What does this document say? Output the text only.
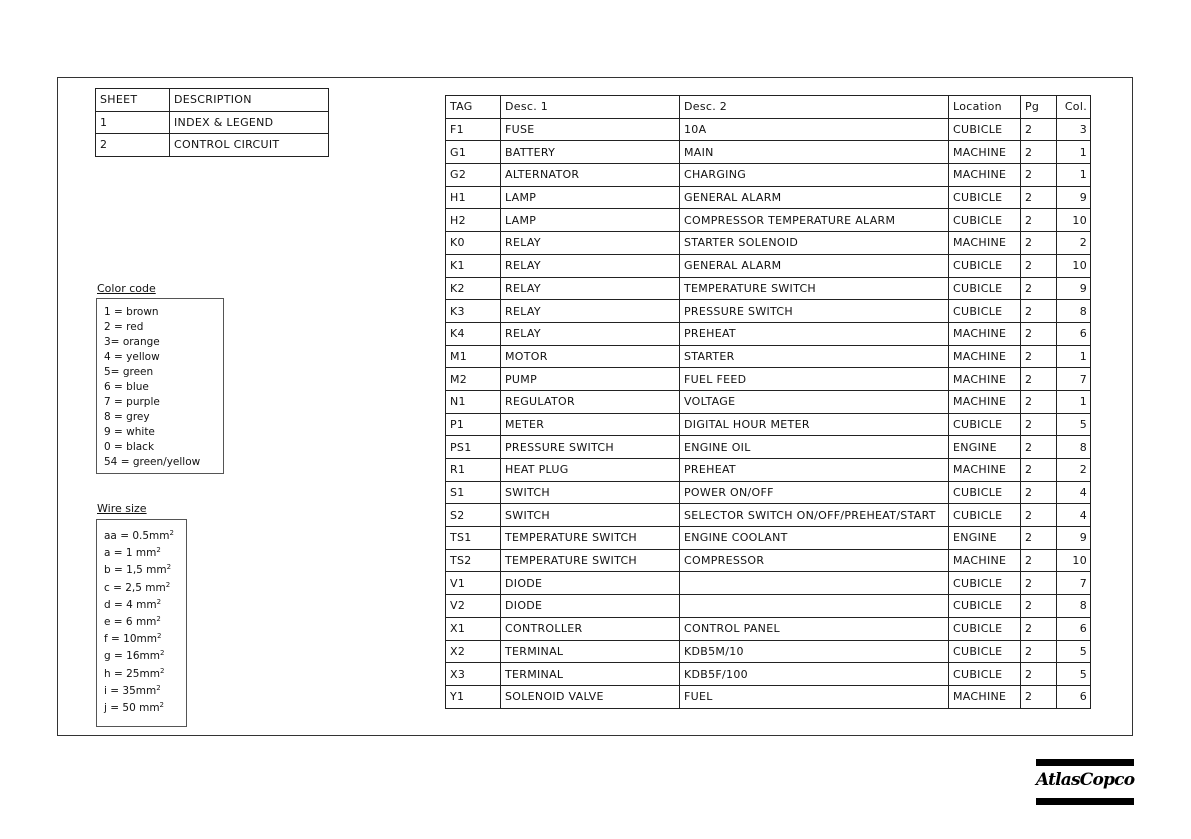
SHEET	DESCRIPTION
1	INDEX & LEGEND
2	CONTROL CIRCUIT
Color code
1 = brown
2 = red
3= orange
4 = yellow
5= green
6 = blue
7 = purple
8 = grey
9 = white
0 = black
54 = green/yellow
Wire size
aa = $0.5mm^2$
a = 1 $mm^2$
b = 1,5 $mm^2$
c = 2,5 $mm^2$
d = 4 $mm^2$
e = 6 $mm^2$
$f = 10mm^2$
$g = 16mm^2$
$h = 25mm^2$
$i = 35mm^2$
j = 50 $mm^2$
TAG	Desc. 1	Desc. 2	Location	Pg	Col.
F1	FUSE	10A	CUBICLE	2	3
G1	BATTERY	MAIN	MACHINE	2	1
G2	ALTERNATOR	CHARGING	MACHINE	2	1
H1	LAMP	GENERAL ALARM	CUBICLE	2	9
H2	LAMP	COMPRESSOR TEMPERATURE ALARM	CUBICLE	2	10
K0	RELAY	STARTER SOLENOID	MACHINE	2	2
K1	RELAY	GENERAL ALARM	CUBICLE	2	10
K2	RELAY	TEMPERATURE SWITCH	CUBICLE	2	9
K3	RELAY	PRESSURE SWITCH	CUBICLE	2	8
K4	RELAY	PREHEAT	MACHINE	2	6
M1	MOTOR	STARTER	MACHINE	2	1
M2	PUMP	FUEL FEED	MACHINE	2	7
N1	REGULATOR	VOLTAGE	MACHINE	2	1
P1	METER	DIGITAL HOUR METER	CUBICLE	2	5
PS1	PRESSURE SWITCH	ENGINE OIL	ENGINE	2	8
R1	HEAT PLUG	PREHEAT	MACHINE	2	2
S1	SWITCH	POWER ON/OFF	CUBICLE	2	4
S2	SWITCH	SELECTOR SWITCH ON/OFF/PREHEAT/START	CUBICLE	2	4
TS1	TEMPERATURE SWITCH	ENGINE COOLANT	ENGINE	2	9
TS2	TEMPERATURE SWITCH	COMPRESSOR	MACHINE	2	10
V1	DIODE		CUBICLE	2	7
V2	DIODE		CUBICLE	2	8
X1	CONTROLLER	CONTROL PANEL	CUBICLE	2	6
X2	TERMINAL	KDB5M/10	CUBICLE	2	5
X3	TERMINAL	KDB5F/100	CUBICLE	2	5
Y1	SOLENOID VALVE	FUEL	MACHINE	2	6
AtlasCopco
